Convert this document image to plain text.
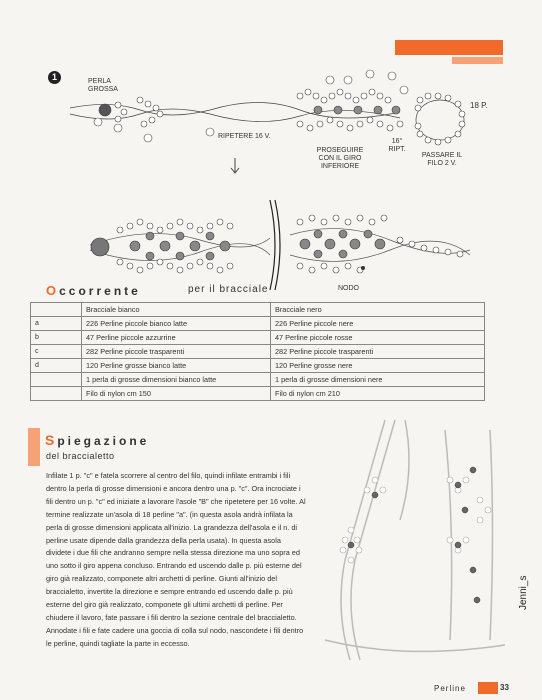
1	PERLA GROSSA
RIPETERE 16 V.
PROSEGUIRE CON IL GIRO INFERIORE
16° RIPT.
18 P.
PASSARE IL FILO 2 V.
NODO
Occorrente	per il bracciale
	Bracciale bianco	Bracciale nero
a	226 Perline piccole bianco latte	226 Perline piccole nere
b	47 Perline piccole azzurrine	47 Perline piccole rosse
c	282 Perline piccole trasparenti	282 Perline piccole trasparenti
d	120 Perline grosse bianco latte	120 Perline grosse nere
	1 perla di grosse dimensioni bianco latte	1 perla di grosse dimensioni nere
	Filo di nylon cm 150	Filo di nylon cm 210
Spiegazione
del braccialetto
Infilate 1 p. "c" e fatela scorrere al centro del filo, quindi infilate entrambi i fili dentro la perla di grosse dimensioni e ancora dentro una p. "c". Ora incrociate i fili dentro un p. "c" ed iniziate a lavorare l'asole "B" che ripetetere per 16 volte. Al termine realizzate un'asola di 18 perline "a". (in questa asola andrà infilata la perla di grosse dimensioni applicata all'inizio. La grandezza dell'asola e il n. di perline usate dipende dalla grandezza della perla usata). In questa asola dividete i due fili che andranno sempre nella stessa direzione ma uno sopra ed uno sotto il giro appena concluso. Entrando ed uscendo dalle p. più esterne del giro già realizzato, componete altri archetti di perline. Giunti all'inizio del braccialetto, invertite la direzione e sempre entrando ed uscendo dalle p. più esterne del giro già realizzato, componete gli ultimi archetti di perline. Per chiudere il lavoro, fate passare i fili dentro la sezione centrale del braccialetto. Annodate i fili e fate cadere una goccia di colla sul nodo, nascondete i fili dentro le perline, quindi tagliate la parte in eccesso.
Perline	33
Jenni_s
